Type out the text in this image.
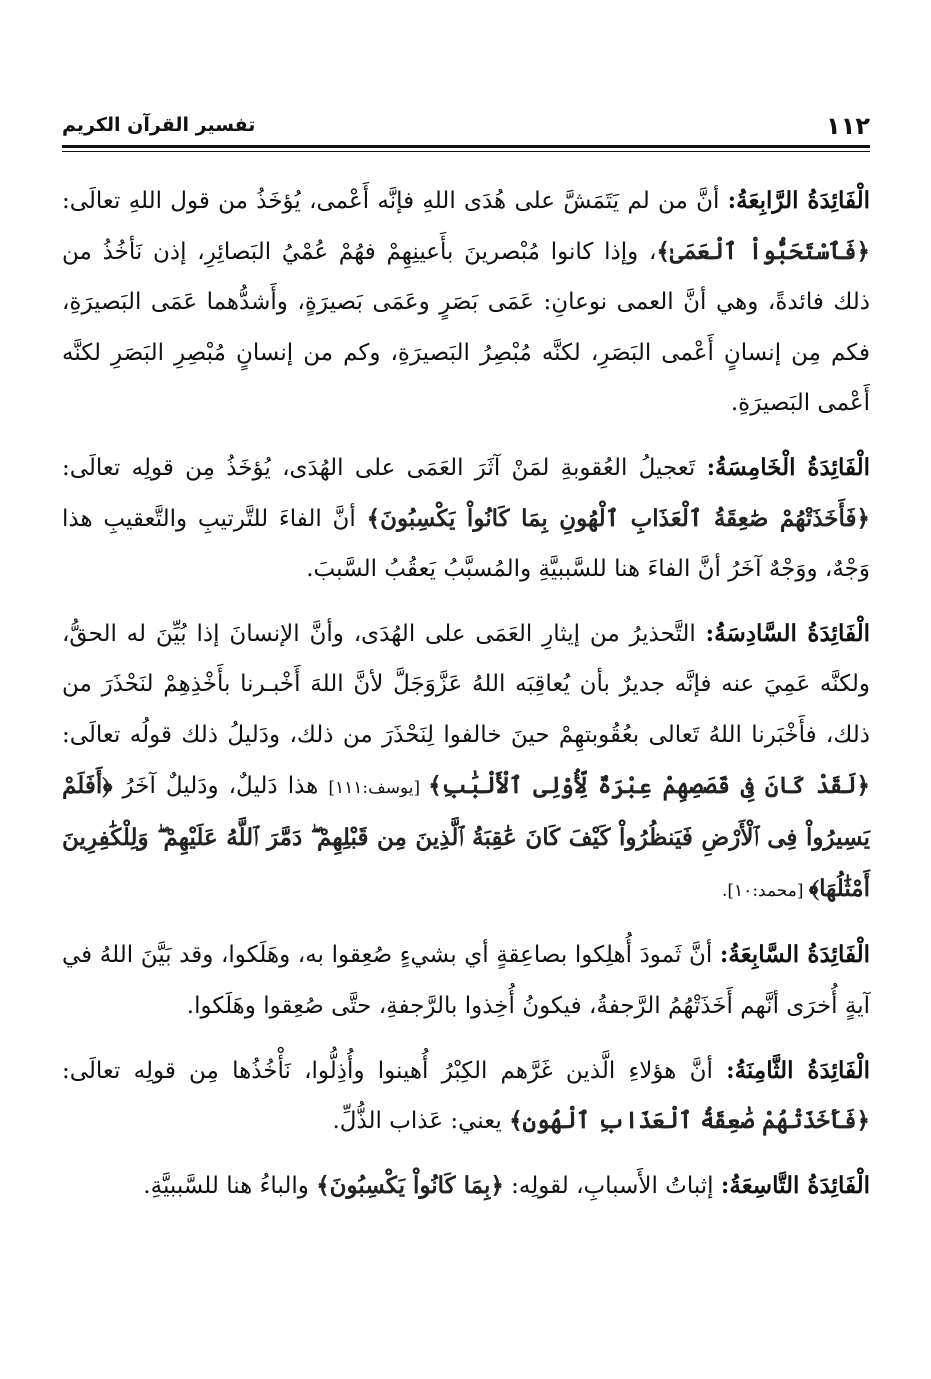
١١٢
تفسير القرآن الكريم

الْفَائِدَةُ الرَّابِعَةُ: أنَّ من لم يَتَمَشَّ على هُدَى اللهِ فإنَّه أَعْمى، يُؤخَذُ من قول اللهِ تعالَى: ﴿فَٱسْتَحَبُّواْ ٱلْعَمَىٰ﴾، وإذا كانوا مُبْصرينَ بأَعينِهِمْ فهُمْ عُمْيُ البَصائِرِ، إذن نَأخُذُ من ذلك فائدةً، وهي أنَّ العمى نوعانِ: عَمَى بَصَرٍ وعَمَى بَصيرَةٍ، وأَشدُّهما عَمَى البَصيرَةِ، فكم مِن إنسانٍ أَعْمى البَصَرِ، لكنَّه مُبْصِرُ البَصيرَةِ، وكم من إنسانٍ مُبْصِرِ البَصَرِ لكنَّه أَعْمى البَصيرَةِ.

الْفَائِدَةُ الْخَامِسَةُ: تَعجيلُ العُقوبةِ لمَنْ آثَرَ العَمَى على الهُدَى، يُؤخَذُ مِن قولِه تعالَى: ﴿فَأَخَذَتْهُمْ صَٰعِقَةُ ٱلْعَذَابِ ٱلْهُونِ بِمَا كَانُواْ يَكْسِبُونَ﴾ أنَّ الفاءَ للتَّرتيبِ والتَّعقيبِ هذا وَجْهٌ، ووَجْهٌ آخَرُ أنَّ الفاءَ هنا للسَّببيَّةِ والمُسبَّبُ يَعقُبُ السَّببَ.

الْفَائِدَةُ السَّادِسَةُ: التَّحذيرُ من إيثارِ العَمَى على الهُدَى، وأنَّ الإنسانَ إذا بُيِّنَ له الحقُّ، ولكنَّه عَمِيَ عنه فإنَّه جديرٌ بأن يُعاقِبَه اللهُ عَزَّوَجَلَّ لأنَّ اللهَ أَخْبـرنا بأَخْذِهِمْ لنَحْذَرَ من ذلك، فأَخْبَرنا اللهُ تَعالى بعُقُوبتهِمْ حينَ خالفوا لِنَحْذَرَ من ذلك، ودَليلُ ذلك قولُه تعالَى: ﴿لَقَدْ كَانَ فِى قَصَصِهِمْ عِبْرَةٌ لِّأُوْلِى ٱلْأَلْبَٰبِ﴾ [يوسف:١١١] هذا دَليلٌ، ودَليلٌ آخَرُ ﴿أَفَلَمْ يَسِيرُواْ فِى ٱلْأَرْضِ فَيَنظُرُواْ كَيْفَ كَانَ عَٰقِبَةُ ٱلَّذِينَ مِن قَبْلِهِمْ ۖ دَمَّرَ ٱللَّهُ عَلَيْهِمْ ۖ وَلِلْكَٰفِرِينَ أَمْثَٰلُهَا﴾ [محمد:١٠].

الْفَائِدَةُ السَّابِعَةُ: أنَّ ثَمودَ أُهلِكوا بصاعِقةٍ أي بشيءٍ صُعِقوا به، وهَلَكوا، وقد بَيَّنَ اللهُ في آيةٍ أُخرَى أنَّهم أَخَذَتْهُمُ الرَّجفةُ، فيكونُ أُخِذوا بالرَّجفةِ، حتَّى صُعِقوا وهَلَكوا.

الْفَائِدَةُ الثَّامِنَةُ: أنَّ هؤلاءِ الَّذين غَرَّهم الكِبْرُ أُهينوا وأُذِلُّوا، نَأْخُذُها مِن قولِه تعالَى: ﴿فَأَخَذَتْهُمْ صَٰعِقَةُ ٱلْعَذَابِ ٱلْهُونِ﴾ يعني: عَذاب الذُّلِّ.

الْفَائِدَةُ التَّاسِعَةُ: إثباتُ الأَسبابِ، لقولِه: ﴿بِمَا كَانُواْ يَكْسِبُونَ﴾ والباءُ هنا للسَّببيَّةِ.
